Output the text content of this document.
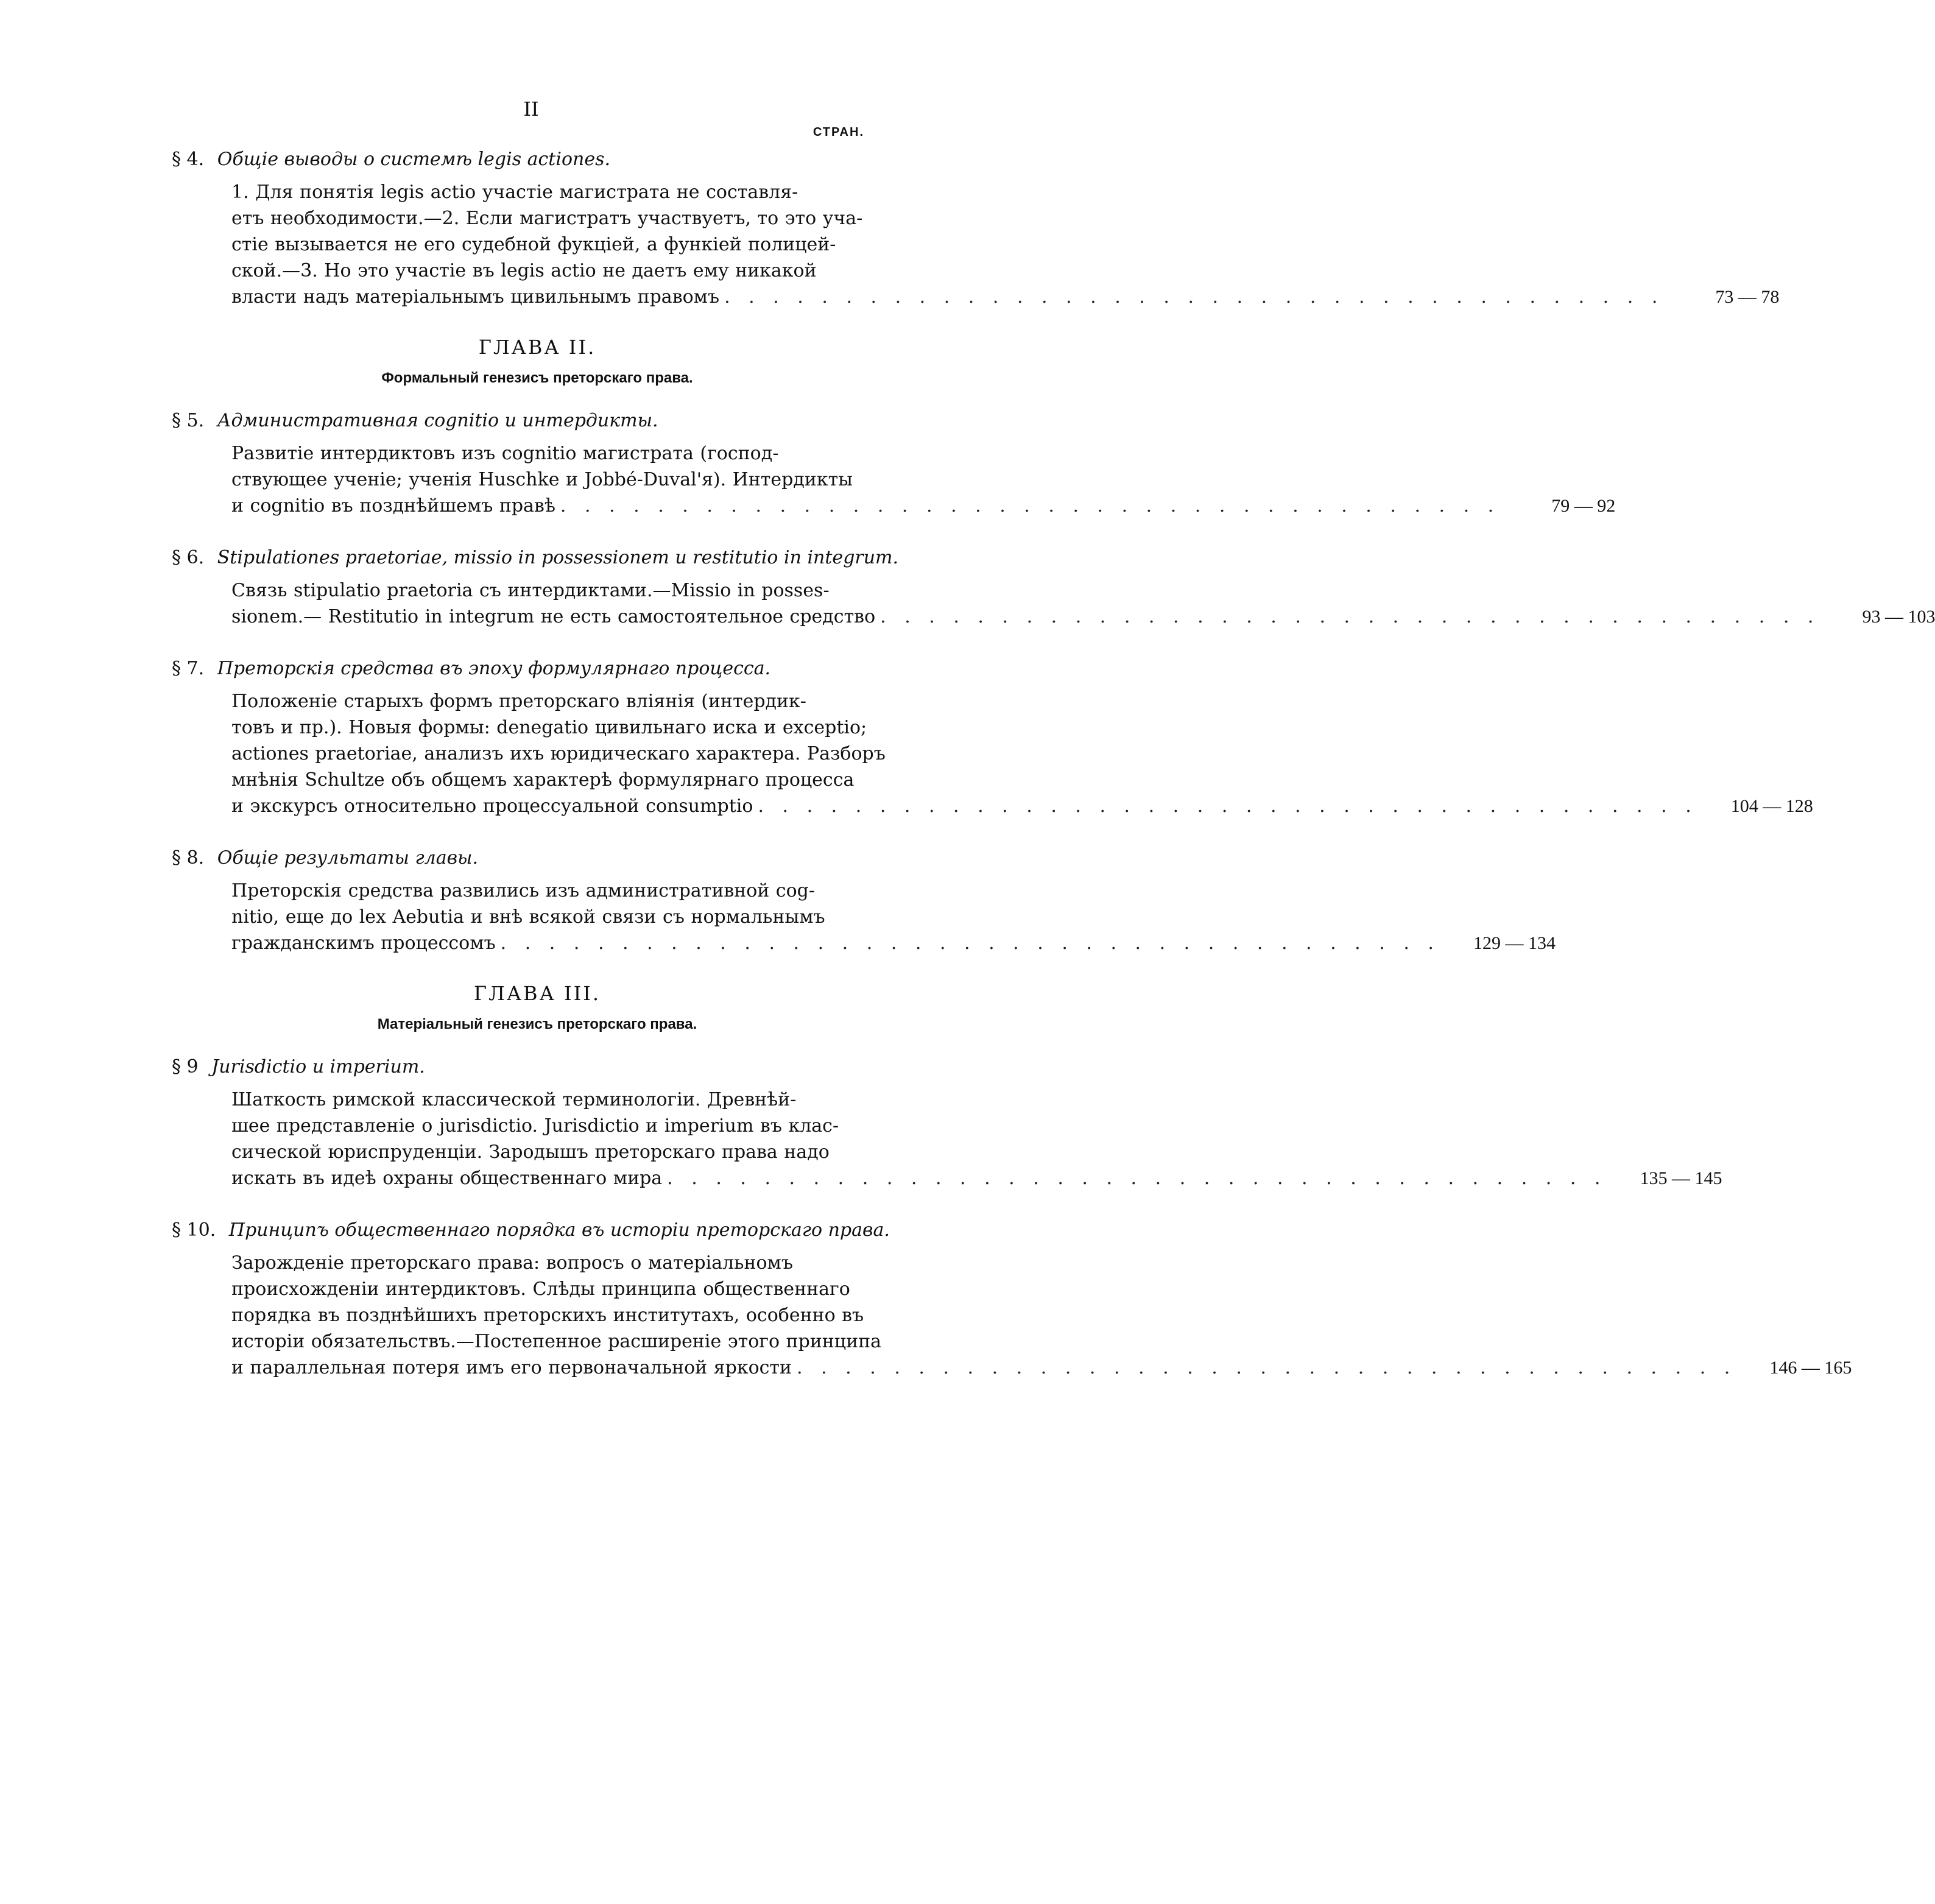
II
СТРАН.
§ 4. Общіе выводы о системѣ legis actiones.
1. Для понятія legis actio участіе магистрата не составля-
етъ необходимости.—2. Если магистратъ участвуетъ, то это уча-
стіе вызывается не его судебной фукціей, а функіей полицей-
ской.—3. Но это участіе въ legis actio не даетъ ему никакой
власти надъ матеріальнымъ цивильнымъ правомъ . . . . . . . . . . . . . . . . . . . . . . . . . . . . . . . . . . . . . . .	73 — 78
ГЛАВА II.
Формальный генезисъ преторскаго права.
§ 5. Административная cognitio и интердикты.
Развитіе интердиктовъ изъ cognitio магистрата (господ-
ствующее ученіе; ученія Huschke и Jobbé-Duval'я). Интердикты
и cognitio въ позднѣйшемъ правѣ . . . . . . . . . . . . . . . . . . . . . . . . . . . . . . . . . . . . . . .	79 — 92
§ 6. Stipulationes praetoriae, missio in possessionem и restitutio in integrum.
Связь stipulatio praetoria съ интердиктами.—Missio in posses-
sionem.— Restitutio in integrum не есть самостоятельное средство . . . . . . . . . . . . . . . . . . . . . . . . . . . . . . . . . . . . . . .	93 — 103
§ 7. Преторскія средства въ эпоху формулярнаго процесса.
Положеніе старыхъ формъ преторскаго вліянія (интердик-
товъ и пр.). Новыя формы: denegatio цивильнаго иска и exceptio;
actiones praetoriae, анализъ ихъ юридическаго характера. Разборъ
мнѣнія Schultze объ общемъ характерѣ формулярнаго процесса
и экскурсъ относительно процессуальной consumptio . . . . . . . . . . . . . . . . . . . . . . . . . . . . . . . . . . . . . . .	104 — 128
§ 8. Общіе результаты главы.
Преторскія средства развились изъ административной cog-
nitio, еще до lex Aebutia и внѣ всякой связи съ нормальнымъ
гражданскимъ процессомъ . . . . . . . . . . . . . . . . . . . . . . . . . . . . . . . . . . . . . . .	129 — 134
ГЛАВА III.
Матеріальный генезисъ преторскаго права.
§ 9 Jurisdictio и imperium.
Шаткость римской классической терминологіи. Древнѣй-
шее представленіе о jurisdictio. Jurisdictio и imperium въ клас-
сической юриспруденціи. Зародышъ преторскаго права надо
искать въ идеѣ охраны общественнаго мира . . . . . . . . . . . . . . . . . . . . . . . . . . . . . . . . . . . . . . .	135 — 145
§ 10. Принципъ общественнаго порядка въ исторіи преторскаго права.
Зарожденіе преторскаго права: вопросъ о матеріальномъ
происхожденіи интердиктовъ. Слѣды принципа общественнаго
порядка въ позднѣйшихъ преторскихъ институтахъ, особенно въ
исторіи обязательствъ.—Постепенное расширеніе этого принципа
и параллельная потеря имъ его первоначальной яркости . . . . . . . . . . . . . . . . . . . . . . . . . . . . . . . . . . . . . . .	146 — 165
